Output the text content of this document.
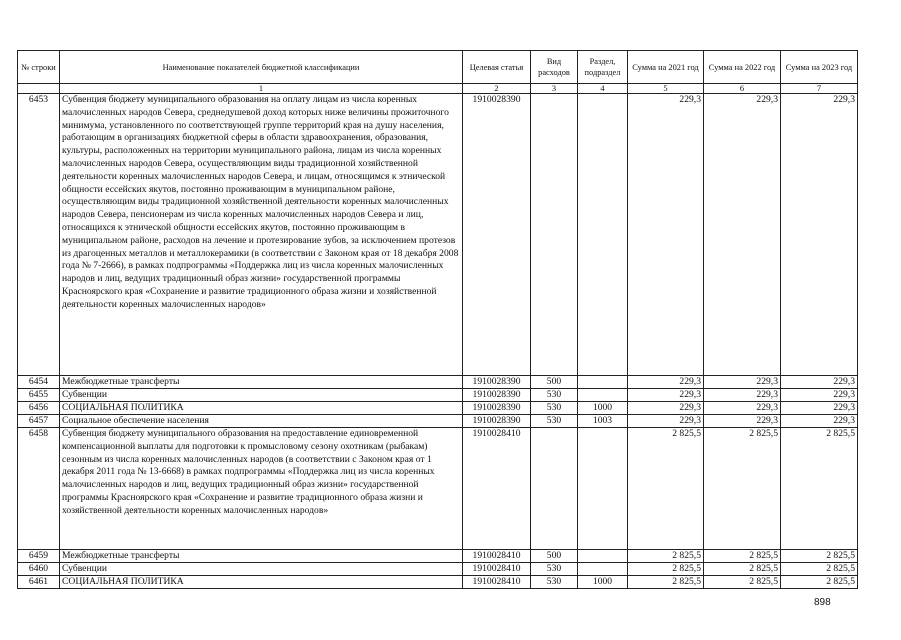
№ строки	Наименование показателей бюджетной классификации	Целевая статья	Вид расходов	Раздел, подраздел	Сумма на 2021 год	Сумма на 2022 год	Сумма на 2023 год
	1	2	3	4	5	6	7
6453	Субвенция бюджету муниципального образования на оплату лицам из числа коренных малочисленных народов Севера, среднедушевой доход которых ниже величины прожиточного минимума, установленного по соответствующей группе территорий края на душу населения, работающим в организациях бюджетной сферы в области здравоохранения, образования, культуры, расположенных на территории муниципального района, лицам из числа коренных малочисленных народов Севера, осуществляющим виды традиционной хозяйственной деятельности коренных малочисленных народов Севера, и лицам, относящимся к этнической общности ессейских якутов, постоянно проживающим в муниципальном районе, осуществляющим виды традиционной хозяйственной деятельности коренных малочисленных народов Севера, пенсионерам из числа коренных малочисленных народов Севера и лиц, относящихся к этнической общности ессейских якутов, постоянно проживающим в муниципальном районе, расходов на лечение и протезирование зубов, за исключением протезов из драгоценных металлов и металлокерамики (в соответствии с Законом края от 18 декабря 2008 года № 7-2666), в рамках подпрограммы «Поддержка лиц из числа коренных малочисленных народов и лиц, ведущих традиционный образ жизни» государственной программы Красноярского края «Сохранение и развитие традиционного образа жизни и хозяйственной деятельности коренных малочисленных народов»	1910028390			229,3	229,3	229,3
6454	Межбюджетные трансферты	1910028390	500		229,3	229,3	229,3
6455	Субвенции	1910028390	530		229,3	229,3	229,3
6456	СОЦИАЛЬНАЯ ПОЛИТИКА	1910028390	530	1000	229,3	229,3	229,3
6457	Социальное обеспечение населения	1910028390	530	1003	229,3	229,3	229,3
6458	Субвенция бюджету муниципального образования на предоставление единовременной компенсационной выплаты для подготовки к промысловому сезону охотникам (рыбакам) сезонным из числа коренных малочисленных народов (в соответствии с Законом края от 1 декабря 2011 года № 13-6668) в рамках подпрограммы «Поддержка лиц из числа коренных малочисленных народов и лиц, ведущих традиционный образ жизни» государственной программы Красноярского края «Сохранение и развитие традиционного образа жизни и хозяйственной деятельности коренных малочисленных народов»	1910028410			2 825,5	2 825,5	2 825,5
6459	Межбюджетные трансферты	1910028410	500		2 825,5	2 825,5	2 825,5
6460	Субвенции	1910028410	530		2 825,5	2 825,5	2 825,5
6461	СОЦИАЛЬНАЯ ПОЛИТИКА	1910028410	530	1000	2 825,5	2 825,5	2 825,5
898
